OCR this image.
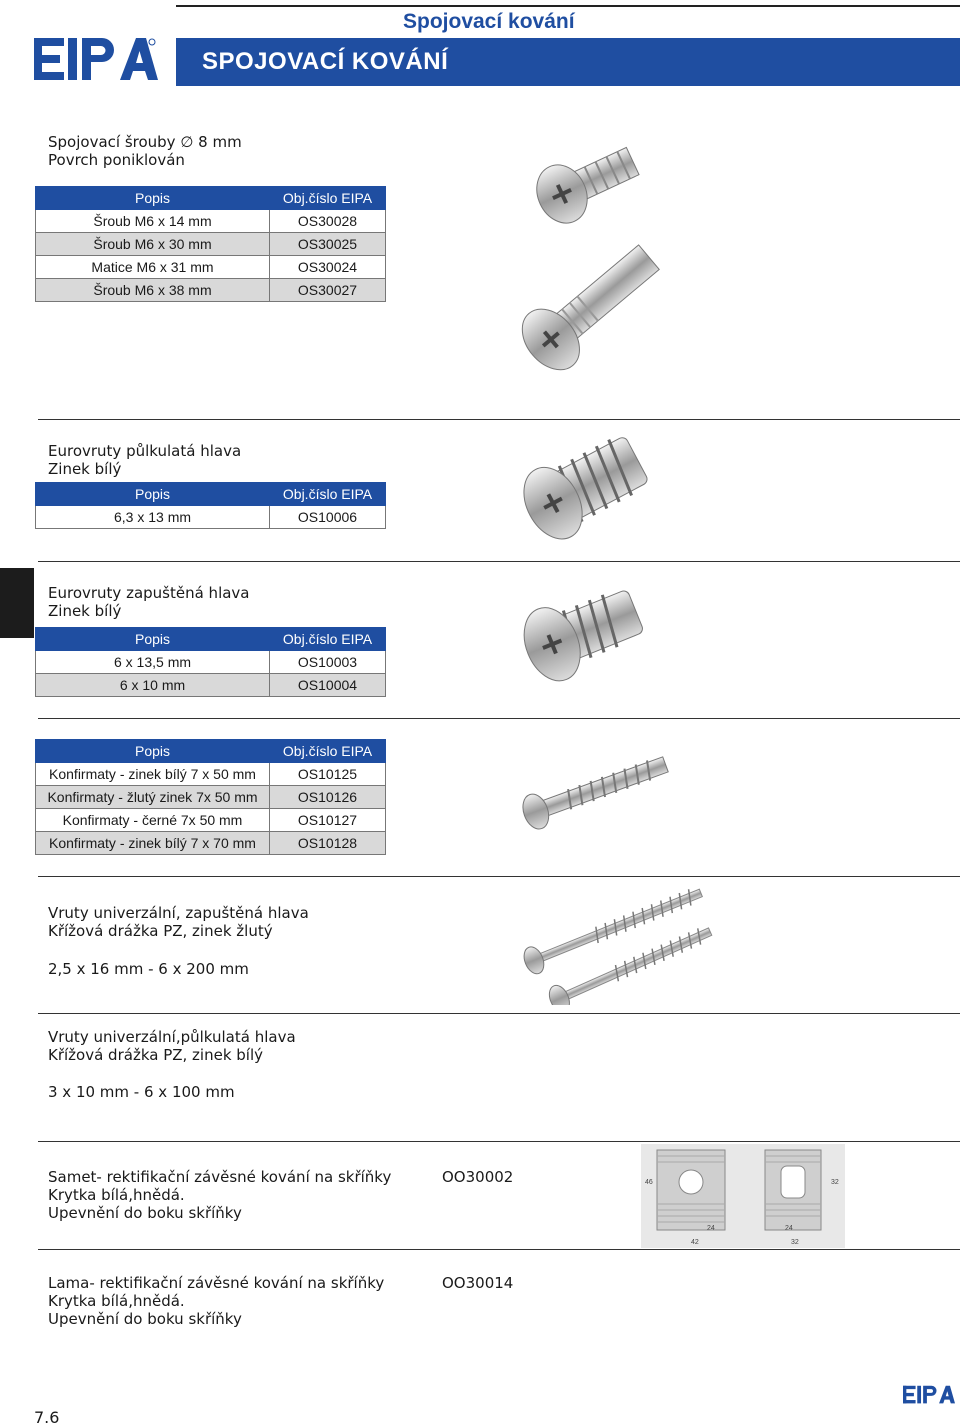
Spojovací kování
SPOJOVACÍ KOVÁNÍ
Spojovací šrouby ∅ 8 mm
Povrch poniklován
Popis	Obj.číslo EIPA
Šroub M6 x 14 mm	OS30028
Šroub M6 x 30 mm	OS30025
Matice M6 x 31 mm	OS30024
Šroub M6 x 38 mm	OS30027
Eurovruty půlkulatá hlava
Zinek bílý
Popis	Obj.číslo EIPA
6,3 x 13 mm	OS10006
Eurovruty zapuštěná hlava
Zinek bílý
Popis	Obj.číslo EIPA
6 x 13,5 mm	OS10003
6 x 10 mm	OS10004
Popis	Obj.číslo EIPA
Konfirmaty - zinek bílý 7 x 50 mm	OS10125
Konfirmaty - žlutý zinek 7x 50 mm	OS10126
Konfirmaty - černé 7x 50 mm	OS10127
Konfirmaty - zinek bílý 7 x 70 mm	OS10128
Vruty univerzální, zapuštěná hlava
Křížová drážka PZ, zinek žlutý
2,5 x 16 mm - 6 x 200 mm
Vruty univerzální,půlkulatá hlava
Křížová drážka PZ, zinek bílý
3 x 10 mm - 6 x 100 mm
Samet- rektifikační závěsné kování na skříňky
Krytka bílá,hnědá.
Upevnění do boku skříňky
OO30002	46	32
24	24
42	32
Lama- rektifikační závěsné kování na skříňky
Krytka bílá,hnědá.
Upevnění do boku skříňky
OO30014
7.6
